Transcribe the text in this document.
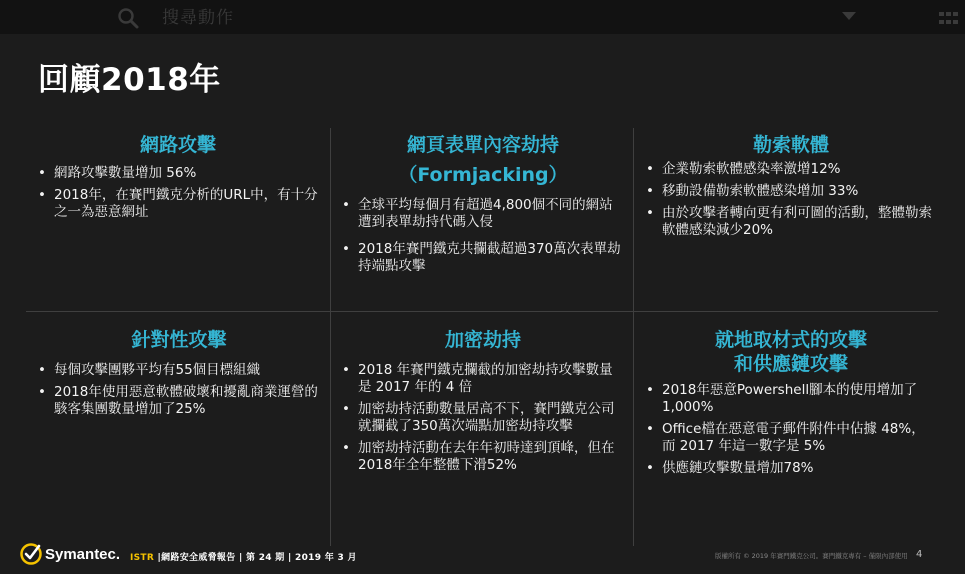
搜尋動作
回顧2018年
網路攻擊
• 網路攻擊數量增加 56%
• 2018年，在賽門鐵克分析的URL中，有十分之一為惡意網址
網頁表單內容劫持
（Formjacking）
• 全球平均每個月有超過4,800個不同的網站遭到表單劫持代碼入侵
• 2018年賽門鐵克共攔截超過370萬次表單劫持端點攻擊
勒索軟體
• 企業勒索軟體感染率激增12%
• 移動設備勒索軟體感染增加 33%
• 由於攻擊者轉向更有利可圖的活動，整體勒索軟體感染減少20%
針對性攻擊
• 每個攻擊團夥平均有55個目標組織
• 2018年使用惡意軟體破壞和擾亂商業運營的駭客集團數量增加了25%
加密劫持
• 2018 年賽門鐵克攔截的加密劫持攻擊數量是 2017 年的 4 倍
• 加密劫持活動數量居高不下，賽門鐵克公司就攔截了350萬次端點加密劫持攻擊
• 加密劫持活動在去年年初時達到頂峰，但在2018年全年整體下滑52%
就地取材式的攻擊
和供應鏈攻擊
• 2018年惡意Powershell腳本的使用增加了1,000%
• Office檔在惡意電子郵件附件中佔據 48%，而 2017 年這一數字是 5%
• 供應鏈攻擊數量增加78%
Symantec. ISTR |網路安全威脅報告 | 第 24 期 | 2019 年 3 月	版權所有 © 2019 年賽門鐵克公司。賽門鐵克專有 – 僅限內部使用 4
